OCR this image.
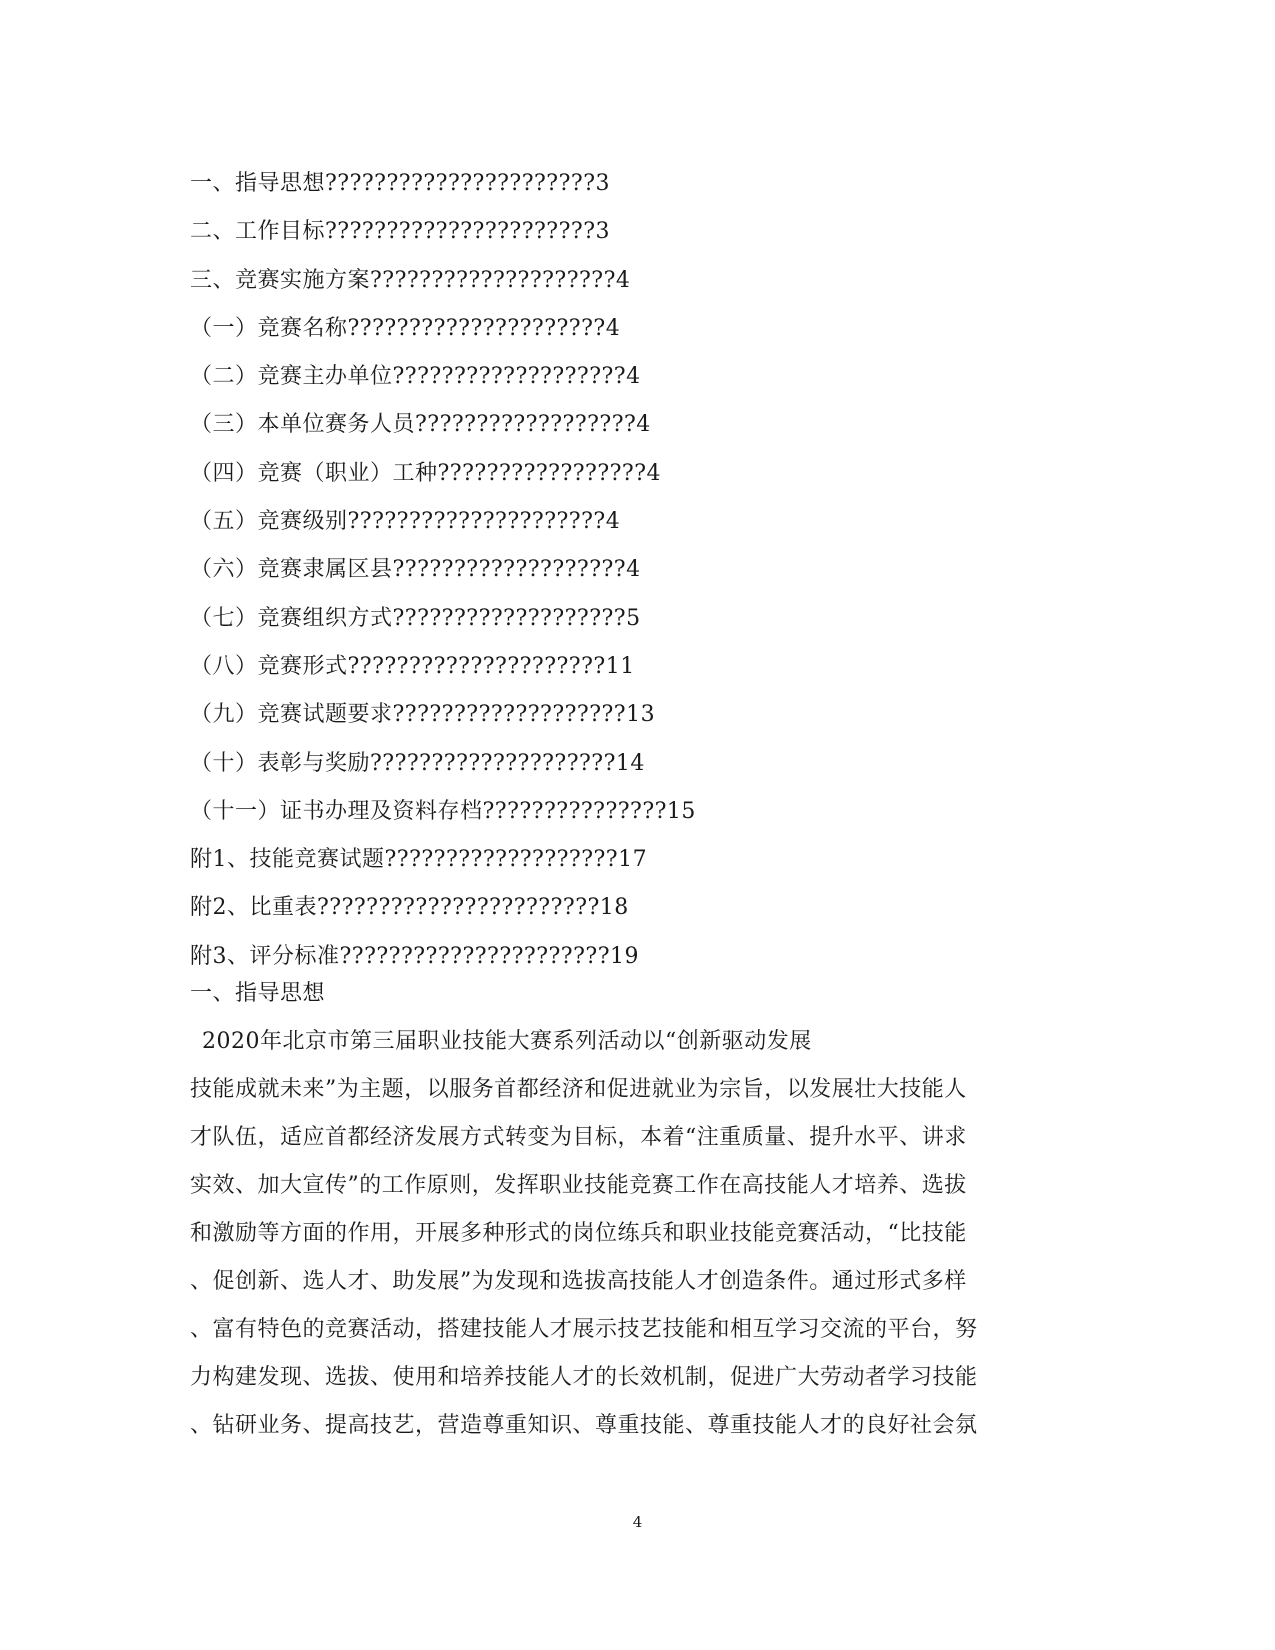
一、指导思想??????????????????????3
二、工作目标??????????????????????3
三、竞赛实施方案????????????????????4
（一）竞赛名称?????????????????????4
（二）竞赛主办单位???????????????????4
（三）本单位赛务人员??????????????????4
（四）竞赛（职业）工种?????????????????4
（五）竞赛级别?????????????????????4
（六）竞赛隶属区县???????????????????4
（七）竞赛组织方式???????????????????5
（八）竞赛形式?????????????????????11
（九）竞赛试题要求???????????????????13
（十）表彰与奖励????????????????????14
（十一）证书办理及资料存档???????????????15
附1、技能竞赛试题???????????????????17
附2、比重表???????????????????????18
附3、评分标准??????????????????????19
一、指导思想

2020年北京市第三届职业技能大赛系列活动以“创新驱动发展

技能成就未来”为主题，以服务首都经济和促进就业为宗旨，以发展壮大技能人
才队伍，适应首都经济发展方式转变为目标，本着“注重质量、提升水平、讲求
实效、加大宣传”的工作原则，发挥职业技能竞赛工作在高技能人才培养、选拔
和激励等方面的作用，开展多种形式的岗位练兵和职业技能竞赛活动，“比技能
、促创新、选人才、助发展”为发现和选拔高技能人才创造条件。通过形式多样
、富有特色的竞赛活动，搭建技能人才展示技艺技能和相互学习交流的平台，努
力构建发现、选拔、使用和培养技能人才的长效机制，促进广大劳动者学习技能
、钻研业务、提高技艺，营造尊重知识、尊重技能、尊重技能人才的良好社会氛
4
